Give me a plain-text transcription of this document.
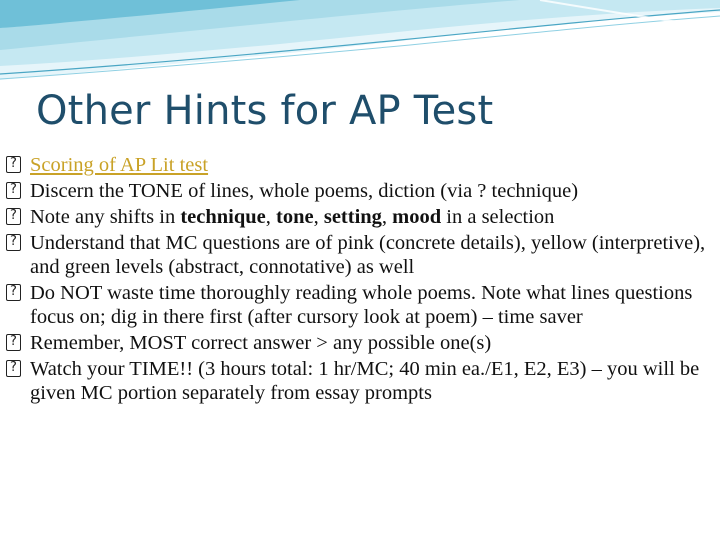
Other Hints for AP Test
? Scoring of AP Lit test
? Discern the TONE of lines, whole poems, diction (via ? technique)
? Note any shifts in technique, tone, setting, mood in a selection
? Understand that MC questions are of pink (concrete details), yellow (interpretive), and green levels (abstract, connotative) as well
? Do NOT waste time thoroughly reading whole poems. Note what lines questions focus on; dig in there first (after cursory look at poem) – time saver
? Remember, MOST correct answer > any possible one(s)
? Watch your TIME!! (3 hours total: 1 hr/MC; 40 min ea./E1, E2, E3) – you will be given MC portion separately from essay prompts
